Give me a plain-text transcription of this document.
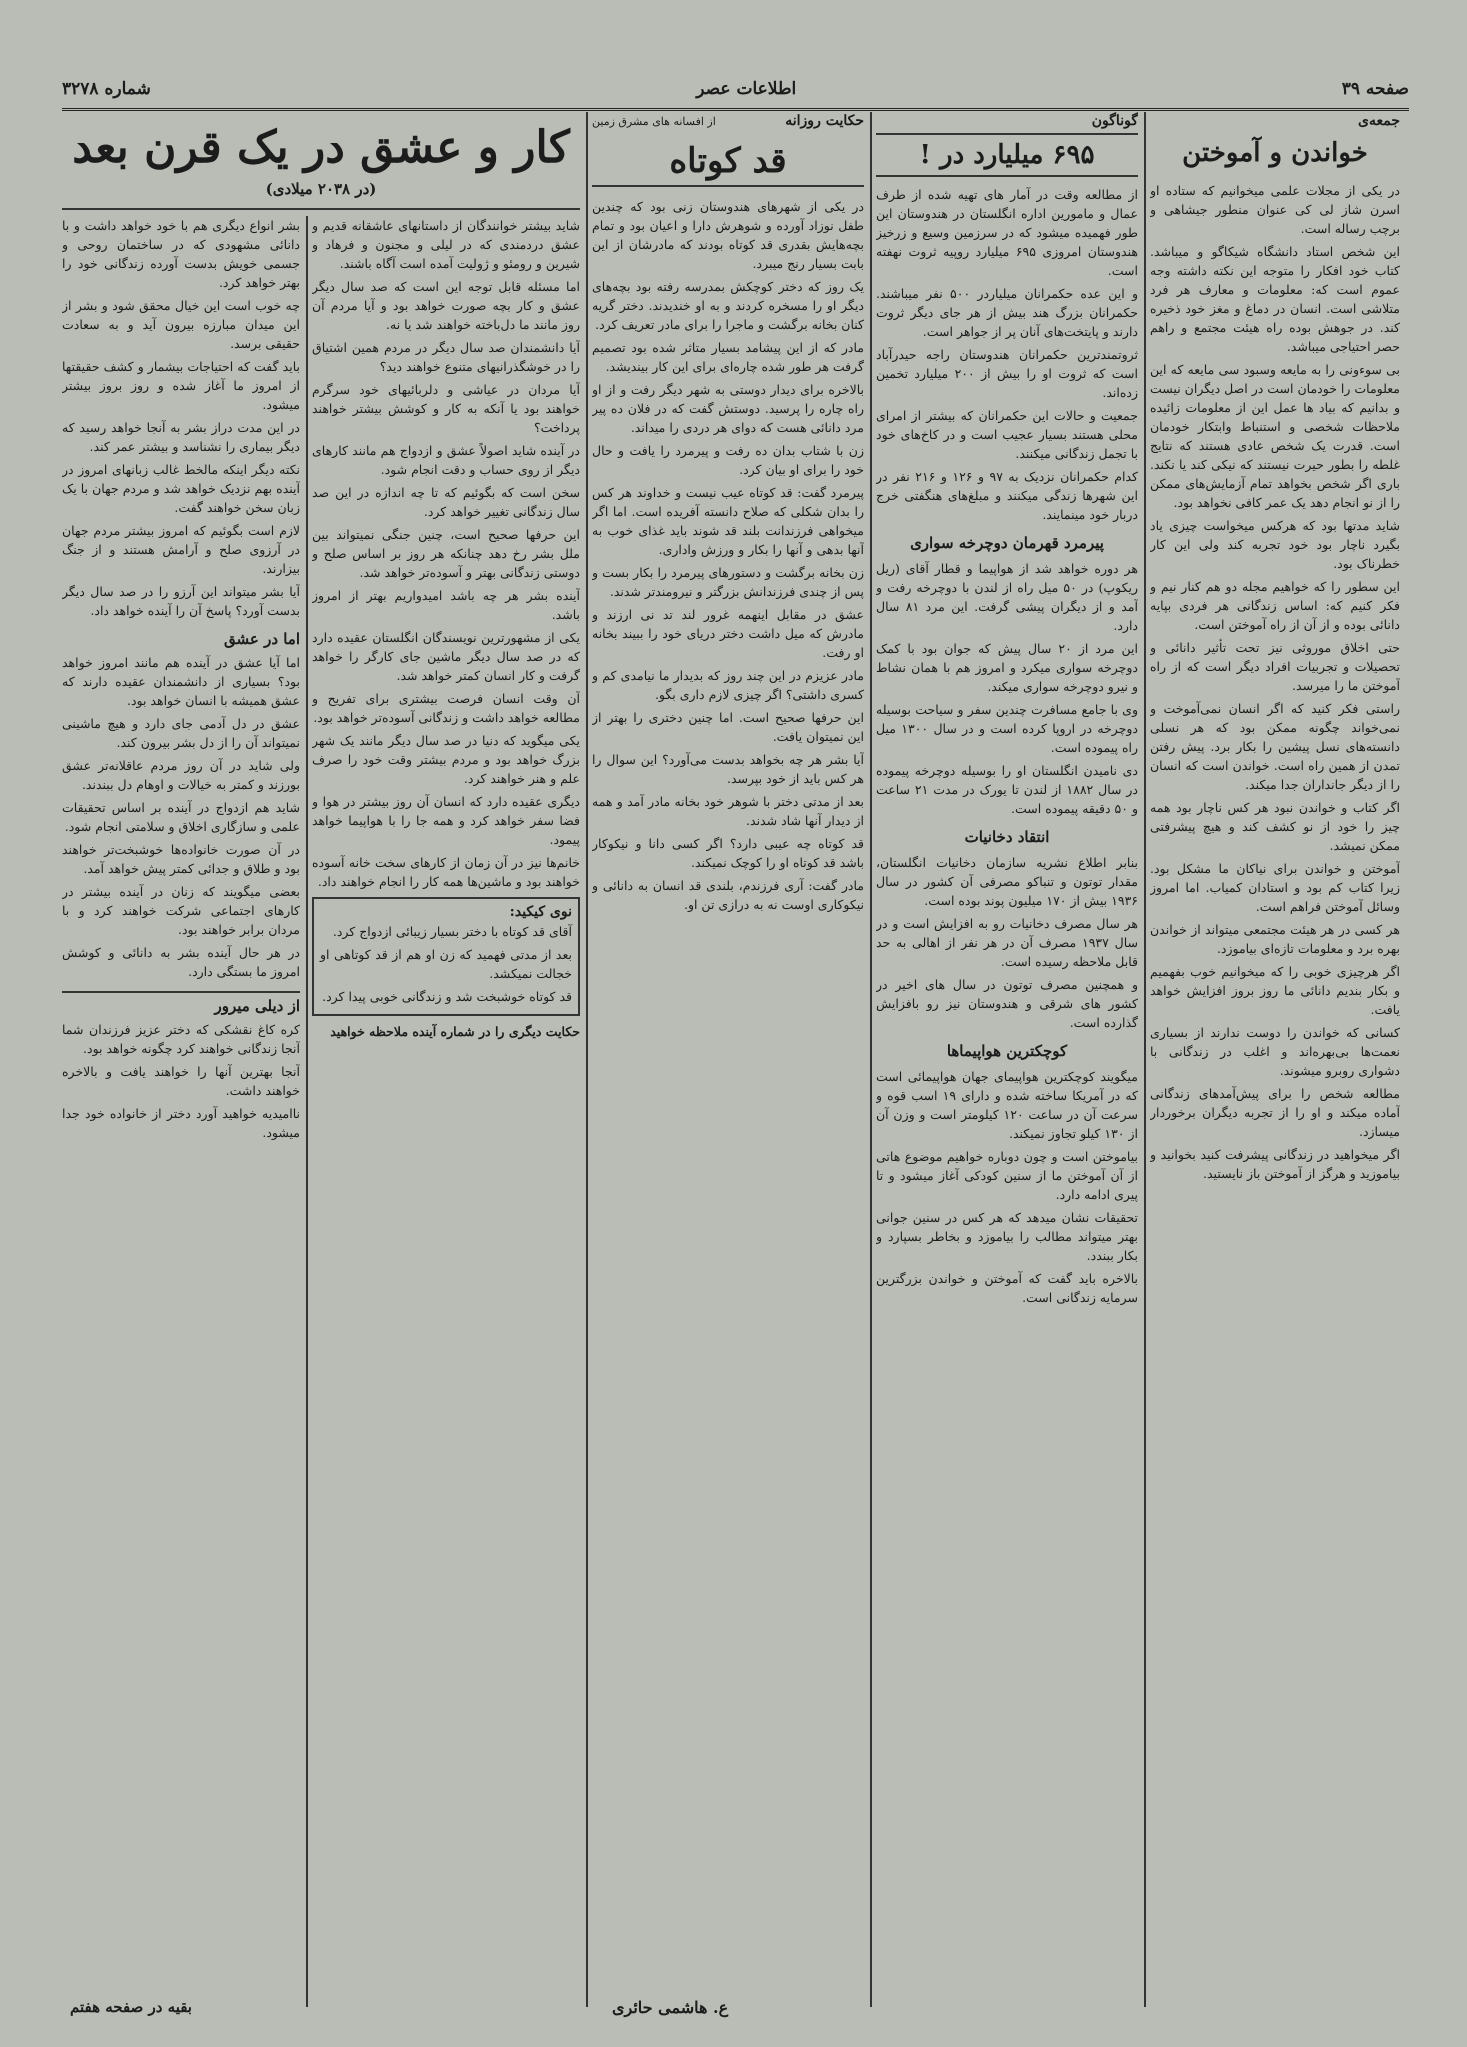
صفحه ۳۹
اطلاعات عصر
شماره ۳۲۷۸
جمعه‌ی
خواندن و آموختن

در یکی از مجلات علمی میخوانیم که ستاده او اسرن شاز لی کی عنوان منطور جیشاهی و برچب رساله است.

این شخص استاد دانشگاه شیکاگو و میباشد. کتاب خود افکار را متوجه این نکته داشته وجه عموم است که: معلومات و معارف هر فرد متلاشی است. انسان در دماغ و مغز خود ذخیره کند. در جوهش بوده راه هیئت مجتمع و راهم حصر احتیاجی میباشد.

بی سوءونی را به مایعه وسبود سی مایعه که این معلومات را خودمان است در اصل دیگران نیست و بدانیم که بیاد ها عمل این از معلومات زائیده ملاحظات شخصی و استنباط وابتکار خودمان است. قدرت یک شخص عادی هستند که نتایج غلطه را بطور حیرت نیستند که نیکی کند یا نکند. باری اگر شخص بخواهد تمام آزمایش‌های ممکن را از نو انجام دهد یک عمر کافی نخواهد بود.

شاید مدتها بود که هرکس میخواست چیزی یاد بگیرد ناچار بود خود تجربه کند ولی این کار خطرناک بود.

این سطور را که خواهیم مجله دو هم کنار نیم و فکر کنیم که: اساس زندگانی هر فردی بپایه دانائی بوده و از آن از راه آموختن است.

حتی اخلاق موروثی نیز تحت تأثیر دانائی و تحصیلات و تجربیات افراد دیگر است که از راه آموختن ما را میرسد.

راستی فکر کنید که اگر انسان نمی‌آموخت و نمی‌خواند چگونه ممکن بود که هر نسلی دانسته‌های نسل پیشین را بکار برد. پیش رفتن تمدن از همین راه است. خواندن است که انسان را از دیگر جانداران جدا میکند.

اگر کتاب و خواندن نبود هر کس ناچار بود همه چیز را خود از نو کشف کند و هیچ پیشرفتی ممکن نمیشد.

آموختن و خواندن برای نیاکان ما مشکل بود. زیرا کتاب کم بود و استادان کمیاب. اما امروز وسائل آموختن فراهم است.

هر کسی در هر هیئت مجتمعی میتواند از خواندن بهره برد و معلومات تازه‌ای بیاموزد.

اگر هرچیزی خوبی را که میخوانیم خوب بفهمیم و بکار بندیم دانائی ما روز بروز افزایش خواهد یافت.

کسانی که خواندن را دوست ندارند از بسیاری نعمت‌ها بی‌بهره‌اند و اغلب در زندگانی با دشواری روبرو میشوند.

مطالعه شخص را برای پیش‌آمدهای زندگانی آماده میکند و او را از تجربه دیگران برخوردار میسازد.

اگر میخواهید در زندگانی پیشرفت کنید بخوانید و بیاموزید و هرگز از آموختن باز نایستید.

گوناگون
۶۹۵ میلیارد در !

از مطالعه وقت در آمار های تهیه شده از طرف عمال و مامورین اداره انگلستان در هندوستان این طور فهمیده میشود که در سرزمین وسیع و زرخیز هندوستان امروزی ۶۹۵ میلیارد روپیه ثروت نهفته است.

و این عده حکمرانان میلیاردر ۵۰۰ نفر میباشند. حکمرانان بزرگ هند بیش از هر جای دیگر ثروت دارند و پایتخت‌های آنان پر از جواهر است.

ثروتمندترین حکمرانان هندوستان راجه حیدرآباد است که ثروت او را بیش از ۲۰۰ میلیارد تخمین زده‌اند.

جمعیت و حالات این حکمرانان که بیشتر از امرای محلی هستند بسیار عجیب است و در کاخ‌های خود با تجمل زندگانی میکنند.

کدام حکمرانان نزدیک به ۹۷ و ۱۲۶ و ۲۱۶ نفر در این شهرها زندگی میکنند و مبلغ‌های هنگفتی خرج دربار خود مینمایند.

پیرمرد قهرمان دوچرخه سواری

هر دوره خواهد شد از هواپیما و قطار آقای (ریل ریکوپ) در ۵۰ میل راه از لندن با دوچرخه رفت و آمد و از دیگران پیشی گرفت. این مرد ۸۱ سال دارد.

این مرد از ۲۰ سال پیش که جوان بود با کمک دوچرخه سواری میکرد و امروز هم با همان نشاط و نیرو دوچرخه سواری میکند.

وی با جامع مسافرت چندین سفر و سیاحت بوسیله دوچرخه در اروپا کرده است و در سال ۱۳۰۰ میل راه پیموده است.

دی نامیدن انگلستان او را بوسیله دوچرخه پیموده در سال ۱۸۸۲ از لندن تا یورک در مدت ۲۱ ساعت و ۵۰ دقیقه پیموده است.

انتقاد دخانیات

بنابر اطلاع نشریه سازمان دخانیات انگلستان، مقدار توتون و تنباکو مصرفی آن کشور در سال ۱۹۳۶ بیش از ۱۷۰ میلیون پوند بوده است.

هر سال مصرف دخانیات رو به افزایش است و در سال ۱۹۳۷ مصرف آن در هر نفر از اهالی به حد قابل ملاحظه رسیده است.

و همچنین مصرف توتون در سال های اخیر در کشور های شرقی و هندوستان نیز رو بافزایش گذارده است.

کوچکترین هواپیماها

میگویند کوچکترین هواپیمای جهان هواپیمائی است که در آمریکا ساخته شده و دارای ۱۹ اسب قوه و سرعت آن در ساعت ۱۲۰ کیلومتر است و وزن آن از ۱۳۰ کیلو تجاوز نمیکند.

بیاموختن است و چون دوباره خواهیم موضوع هاتی از آن آموختن ما از سنین کودکی آغاز میشود و تا پیری ادامه دارد.

تحقیقات نشان میدهد که هر کس در سنین جوانی بهتر میتواند مطالب را بیاموزد و بخاطر بسپارد و بکار ببندد.

بالاخره باید گفت که آموختن و خواندن بزرگترین سرمایه زندگانی است.

ع. هاشمی حائری
حکایت روزانه
از افسانه های مشرق زمین
قد کوتاه

در یکی از شهرهای هندوستان زنی بود که چندین طفل نوزاد آورده و شوهرش دارا و اعیان بود و تمام بچه‌هایش بقدری قد کوتاه بودند که مادرشان از این بابت بسیار رنج میبرد.

یک روز که دختر کوچکش بمدرسه رفته بود بچه‌های دیگر او را مسخره کردند و به او خندیدند. دختر گریه کنان بخانه برگشت و ماجرا را برای مادر تعریف کرد.

مادر که از این پیشامد بسیار متاثر شده بود تصمیم گرفت هر طور شده چاره‌ای برای این کار بیندیشد.

بالاخره برای دیدار دوستی به شهر دیگر رفت و از او راه چاره را پرسید. دوستش گفت که در فلان ده پیر مرد دانائی هست که دوای هر دردی را میداند.

زن با شتاب بدان ده رفت و پیرمرد را یافت و حال خود را برای او بیان کرد.

پیرمرد گفت: قد کوتاه عیب نیست و خداوند هر کس را بدان شکلی که صلاح دانسته آفریده است. اما اگر میخواهی فرزندانت بلند قد شوند باید غذای خوب به آنها بدهی و آنها را بکار و ورزش واداری.

زن بخانه برگشت و دستورهای پیرمرد را بکار بست و پس از چندی فرزندانش بزرگتر و نیرومندتر شدند.

عشق در مقابل اینهمه غرور لند تد نی ارزند و مادرش که میل داشت دختر دریای خود را ببیند بخانه او رفت.

مادر عزیزم در این چند روز که بدیدار ما نیامدی کم و کسری داشتی؟ اگر چیزی لازم داری بگو.

این حرفها صحیح است. اما چنین دختری را بهتر از این نمیتوان یافت.

آیا بشر هر چه بخواهد بدست می‌آورد؟ این سوال را هر کس باید از خود بپرسد.

بعد از مدتی دختر با شوهر خود بخانه مادر آمد و همه از دیدار آنها شاد شدند.

قد کوتاه چه عیبی دارد؟ اگر کسی دانا و نیکوکار باشد قد کوتاه او را کوچک نمیکند.

مادر گفت: آری فرزندم، بلندی قد انسان به دانائی و نیکوکاری اوست نه به درازی تن او.

کار و عشق در یک قرن بعد
(در ۲۰۳۸ میلادی)

شاید بیشتر خوانندگان از داستانهای عاشقانه قدیم و عشق دردمندی که در لیلی و مجنون و فرهاد و شیرین و رومئو و ژولیت آمده است آگاه باشند.

اما مسئله قابل توجه این است که صد سال دیگر عشق و کار بچه صورت خواهد بود و آیا مردم آن روز مانند ما دل‌باخته خواهند شد یا نه.

آیا دانشمندان صد سال دیگر در مردم همین اشتیاق را در خوشگذرانیهای متنوع خواهند دید؟

آیا مردان در عیاشی و دلربائیهای خود سرگرم خواهند بود یا آنکه به کار و کوشش بیشتر خواهند پرداخت؟

در آینده شاید اصولاً عشق و ازدواج هم مانند کارهای دیگر از روی حساب و دقت انجام شود.

سخن است که بگوئیم که تا چه اندازه در این صد سال زندگانی تغییر خواهد کرد.

این حرفها صحیح است، چنین جنگی نمیتواند بین ملل بشر رخ دهد چنانکه هر روز بر اساس صلح و دوستی زندگانی بهتر و آسوده‌تر خواهد شد.

آینده بشر هر چه باشد امیدواریم بهتر از امروز باشد.

یکی از مشهورترین نویسندگان انگلستان عقیده دارد که در صد سال دیگر ماشین جای کارگر را خواهد گرفت و کار انسان کمتر خواهد شد.

آن وقت انسان فرصت بیشتری برای تفریح و مطالعه خواهد داشت و زندگانی آسوده‌تر خواهد بود.

یکی میگوید که دنیا در صد سال دیگر مانند یک شهر بزرگ خواهد بود و مردم بیشتر وقت خود را صرف علم و هنر خواهند کرد.

دیگری عقیده دارد که انسان آن روز بیشتر در هوا و فضا سفر خواهد کرد و همه جا را با هواپیما خواهد پیمود.

خانم‌ها نیز در آن زمان از کارهای سخت خانه آسوده خواهند بود و ماشین‌ها همه کار را انجام خواهند داد.

نوی کیکید:

آقای قد کوتاه با دختر بسیار زیبائی ازدواج کرد.

بعد از مدتی فهمید که زن او هم از قد کوتاهی او خجالت نمیکشد.

قد کوتاه خوشبخت شد و زندگانی خوبی پیدا کرد.

حکایت دیگری را در شماره آینده ملاحظه خواهید

بشر انواع دیگری هم با خود خواهد داشت و با دانائی مشهودی که در ساختمان روحی و جسمی خویش بدست آورده زندگانی خود را بهتر خواهد کرد.

چه خوب است این خیال محقق شود و بشر از این میدان مبارزه بیرون آید و به سعادت حقیقی برسد.

باید گفت که احتیاجات بیشمار و کشف حقیقتها از امروز ما آغاز شده و روز بروز بیشتر میشود.

در این مدت دراز بشر به آنجا خواهد رسید که دیگر بیماری را نشناسد و بیشتر عمر کند.

نکته دیگر اینکه مالخط غالب زبانهای امروز در آینده بهم نزدیک خواهد شد و مردم جهان با یک زبان سخن خواهند گفت.

لازم است بگوئیم که امروز بیشتر مردم جهان در آرزوی صلح و آرامش هستند و از جنگ بیزارند.

آیا بشر میتواند این آرزو را در صد سال دیگر بدست آورد؟ پاسخ آن را آینده خواهد داد.

اما در عشق

اما آیا عشق در آینده هم مانند امروز خواهد بود؟ بسیاری از دانشمندان عقیده دارند که عشق همیشه با انسان خواهد بود.

عشق در دل آدمی جای دارد و هیچ ماشینی نمیتواند آن را از دل بشر بیرون کند.

ولی شاید در آن روز مردم عاقلانه‌تر عشق بورزند و کمتر به خیالات و اوهام دل ببندند.

شاید هم ازدواج در آینده بر اساس تحقیقات علمی و سازگاری اخلاق و سلامتی انجام شود.

در آن صورت خانواده‌ها خوشبخت‌تر خواهند بود و طلاق و جدائی کمتر پیش خواهد آمد.

بعضی میگویند که زنان در آینده بیشتر در کارهای اجتماعی شرکت خواهند کرد و با مردان برابر خواهند بود.

در هر حال آینده بشر به دانائی و کوشش امروز ما بستگی دارد.

از دیلی میرور

کره کاغ نقشکی که دختر عزیز فرزندان شما آنجا زندگانی خواهند کرد چگونه خواهد بود.

آنجا بهترین آنها را خواهند یافت و بالاخره خواهند داشت.

ناامیدیه خواهید آورد دختر از خانواده خود جدا میشود.

بقیه در صفحه هفتم
